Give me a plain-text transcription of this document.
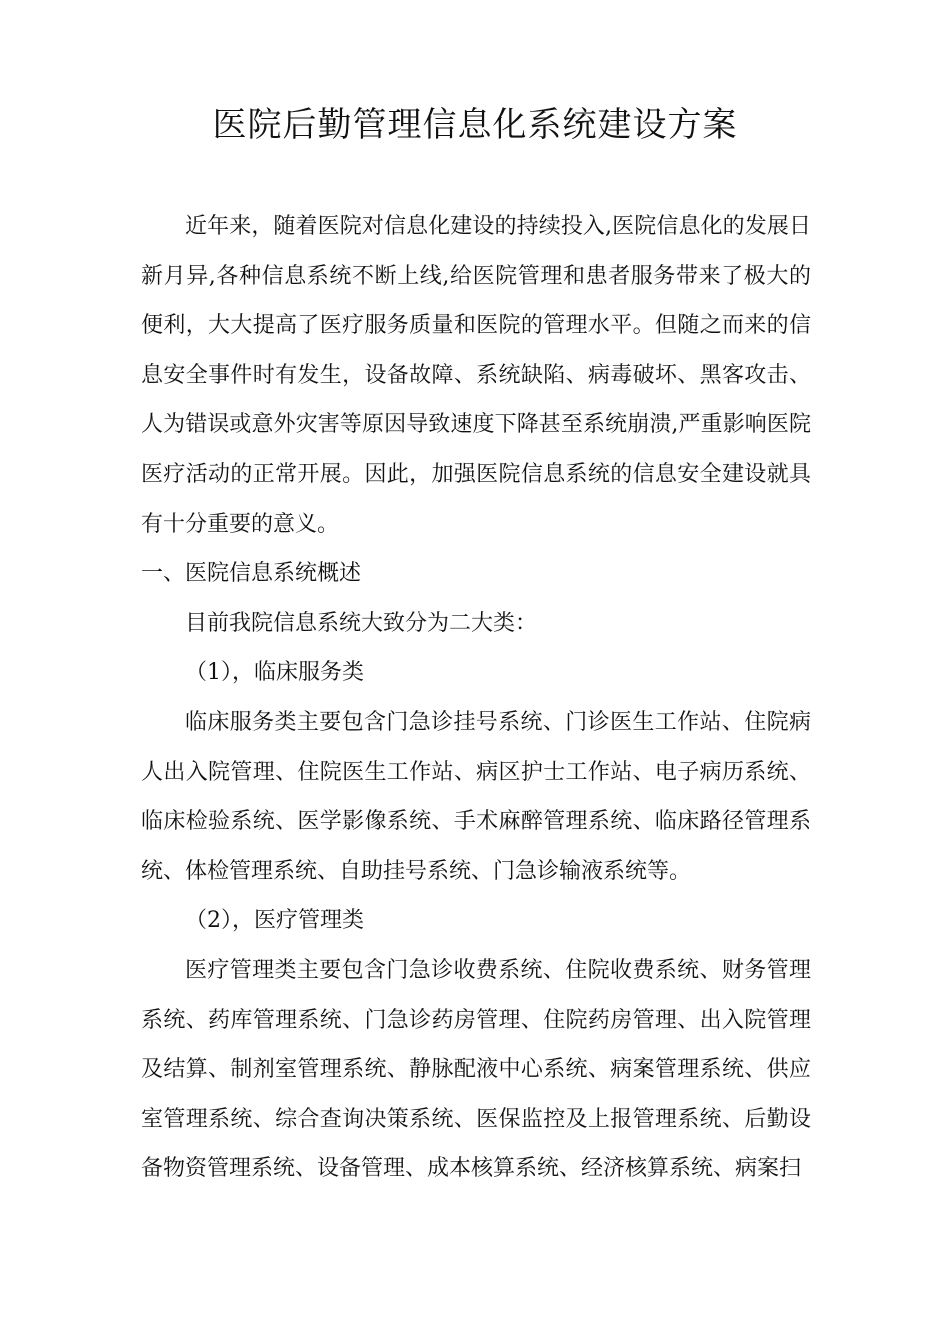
医院后勤管理信息化系统建设方案

近年来，随着医院对信息化建设的持续投入,医院信息化的发展日新月异,各种信息系统不断上线,给医院管理和患者服务带来了极大的便利，大大提高了医疗服务质量和医院的管理水平。但随之而来的信息安全事件时有发生，设备故障、系统缺陷、病毒破坏、黑客攻击、人为错误或意外灾害等原因导致速度下降甚至系统崩溃,严重影响医院医疗活动的正常开展。因此，加强医院信息系统的信息安全建设就具有十分重要的意义。

一、医院信息系统概述

目前我院信息系统大致分为二大类：

（1），临床服务类

临床服务类主要包含门急诊挂号系统、门诊医生工作站、住院病人出入院管理、住院医生工作站、病区护士工作站、电子病历系统、临床检验系统、医学影像系统、手术麻醉管理系统、临床路径管理系统、体检管理系统、自助挂号系统、门急诊输液系统等。

（2），医疗管理类

医疗管理类主要包含门急诊收费系统、住院收费系统、财务管理系统、药库管理系统、门急诊药房管理、住院药房管理、出入院管理及结算、制剂室管理系统、静脉配液中心系统、病案管理系统、供应室管理系统、综合查询决策系统、医保监控及上报管理系统、后勤设备物资管理系统、设备管理、成本核算系统、经济核算系统、病案扫
